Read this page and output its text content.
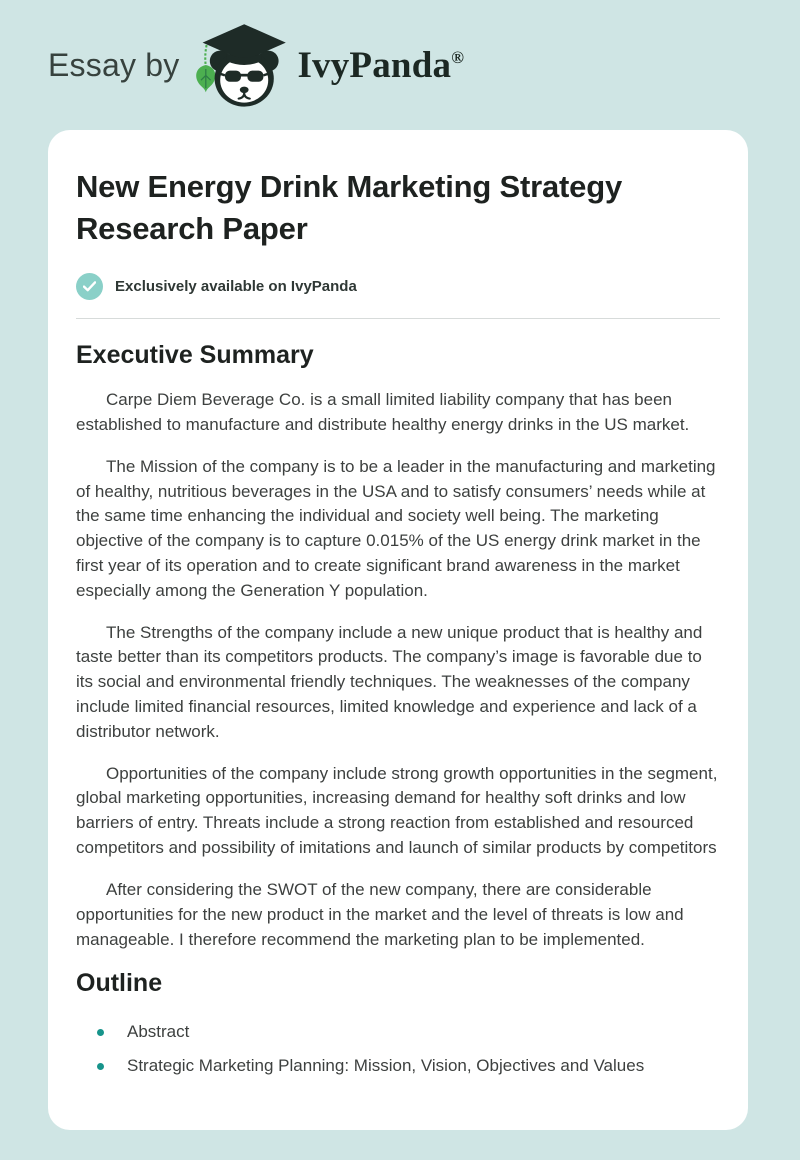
Essay by	IvyPanda®
New Energy Drink Marketing Strategy Research Paper
Exclusively available on IvyPanda
Executive Summary

Carpe Diem Beverage Co. is a small limited liability company that has been established to manufacture and distribute healthy energy drinks in the US market.

The Mission of the company is to be a leader in the manufacturing and marketing of healthy, nutritious beverages in the USA and to satisfy consumers’ needs while at the same time enhancing the individual and society well being. The marketing objective of the company is to capture 0.015% of the US energy drink market in the first year of its operation and to create significant brand awareness in the market especially among the Generation Y population.

The Strengths of the company include a new unique product that is healthy and taste better than its competitors products. The company’s image is favorable due to its social and environmental friendly techniques. The weaknesses of the company include limited financial resources, limited knowledge and experience and lack of a distributor network.

Opportunities of the company include strong growth opportunities in the segment, global marketing opportunities, increasing demand for healthy soft drinks and low barriers of entry. Threats include a strong reaction from established and resourced competitors and possibility of imitations and launch of similar products by competitors

After considering the SWOT of the new company, there are considerable opportunities for the new product in the market and the level of threats is low and manageable. I therefore recommend the marketing plan to be implemented.

Outline
Abstract
Strategic Marketing Planning: Mission, Vision, Objectives and Values
